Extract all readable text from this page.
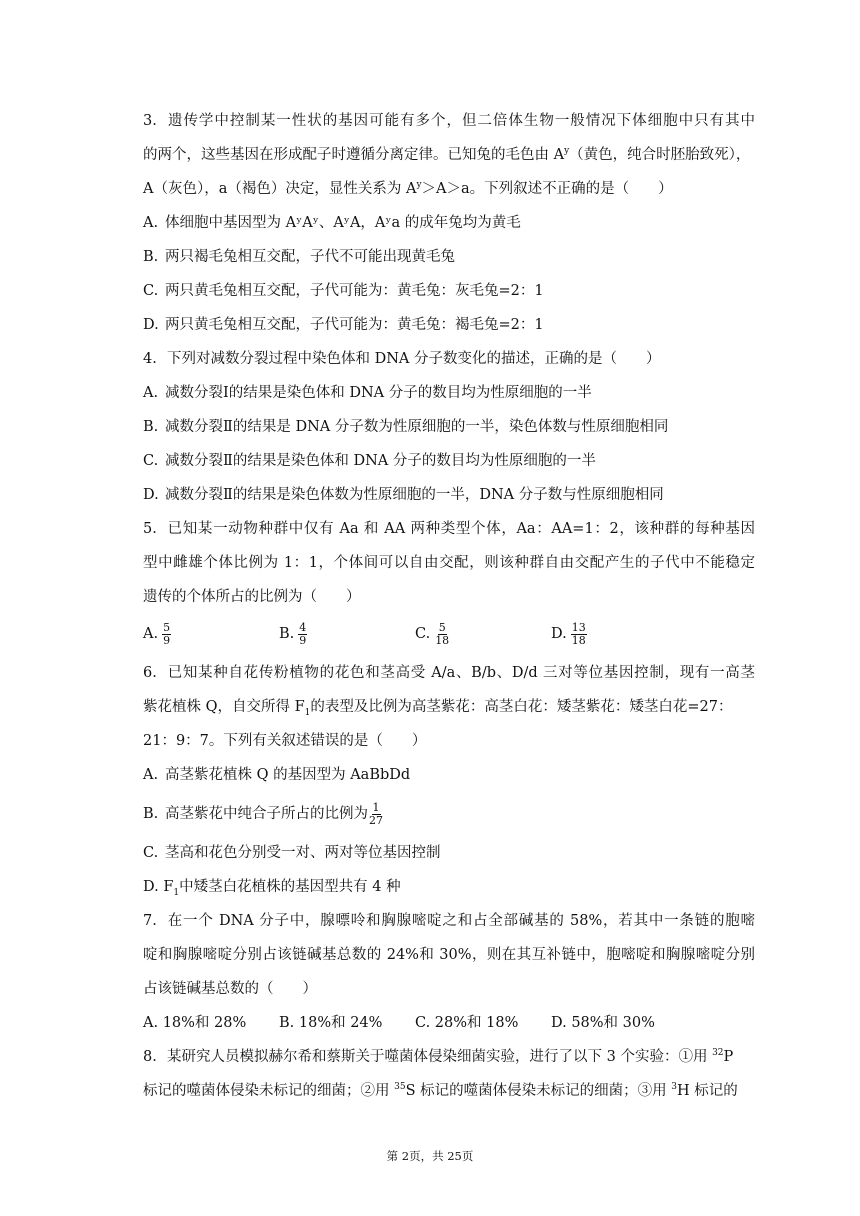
3. 遗传学中控制某一性状的基因可能有多个，但二倍体生物一般情况下体细胞中只有其中
的两个，这些基因在形成配子时遵循分离定律。已知兔的毛色由 $A^y$（黄色，纯合时胚胎致死），
A（灰色），a（褐色）决定，显性关系为 $A^y>A>a$。下列叙述不正确的是（　　）
A. 体细胞中基因型为 AʸAʸ、AʸA，Aʸa 的成年兔均为黄毛
B. 两只褐毛兔相互交配，子代不可能出现黄毛兔
C. 两只黄毛兔相互交配，子代可能为：黄毛兔：灰毛兔=2：1
D. 两只黄毛兔相互交配，子代可能为：黄毛兔：褐毛兔=2：1
4. 下列对减数分裂过程中染色体和 DNA 分子数变化的描述，正确的是（　　）
A. 减数分裂Ⅰ的结果是染色体和 DNA 分子的数目均为性原细胞的一半
B. 减数分裂Ⅱ的结果是 DNA 分子数为性原细胞的一半，染色体数与性原细胞相同
C. 减数分裂Ⅱ的结果是染色体和 DNA 分子的数目均为性原细胞的一半
D. 减数分裂Ⅱ的结果是染色体数为性原细胞的一半，DNA 分子数与性原细胞相同
5. 已知某一动物种群中仅有 Aa 和 AA 两种类型个体，Aa：AA=1：2，该种群的每种基因
型中雌雄个体比例为 1：1，个体间可以自由交配，则该种群自由交配产生的子代中不能稳定
遗传的个体所占的比例为（　　）
A. $\frac{5}{9}$	B. $\frac{4}{9}$	C. $\frac{5}{18}$	D. $\frac{13}{18}$
6. 已知某种自花传粉植物的花色和茎高受 A/a、B/b、D/d 三对等位基因控制，现有一高茎
紫花植株 Q，自交所得 $F_1$的表型及比例为高茎紫花：高茎白花：矮茎紫花：矮茎白花=27：
21：9：7。下列有关叙述错误的是（　　）
A. 高茎紫花植株 Q 的基因型为 AaBbDd
B. 高茎紫花中纯合子所占的比例为 $\frac{1}{27}$
C. 茎高和花色分别受一对、两对等位基因控制
D. $F_1$中矮茎白花植株的基因型共有 4 种
7. 在一个 DNA 分子中，腺嘌呤和胸腺嘧啶之和占全部碱基的 58%，若其中一条链的胞嘧
啶和胸腺嘧啶分别占该链碱基总数的 24%和 30%，则在其互补链中，胞嘧啶和胸腺嘧啶分别
占该链碱基总数的（　　）
A. 18%和 28%	B. 18%和 24%	C. 28%和 18%	D. 58%和 30%
8. 某研究人员模拟赫尔希和蔡斯关于噬菌体侵染细菌实验，进行了以下 3 个实验：①用 $^{32}$P
标记的噬菌体侵染未标记的细菌；②用 $^{35}$S 标记的噬菌体侵染未标记的细菌；③用 $^3$H 标记的
第 2页，共 25页
